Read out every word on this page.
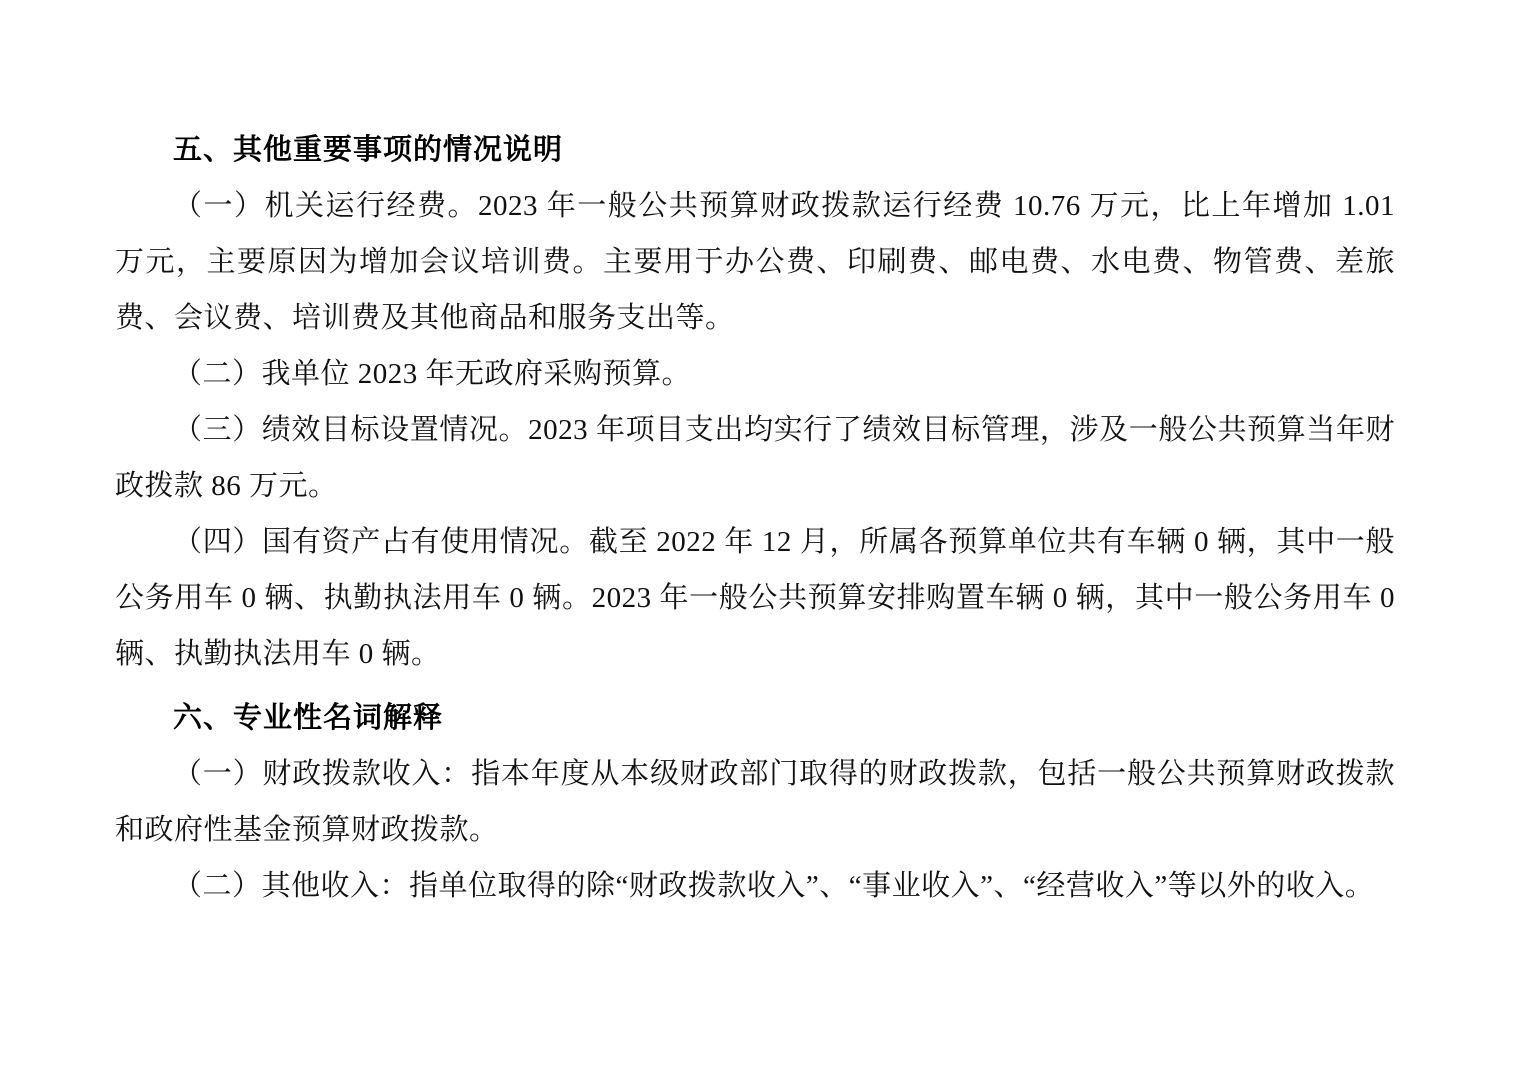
五、其他重要事项的情况说明

（一）机关运行经费。2023 年一般公共预算财政拨款运行经费 10.76 万元，比上年增加 1.01 万元，主要原因为增加会议培训费。主要用于办公费、印刷费、邮电费、水电费、物管费、差旅费、会议费、培训费及其他商品和服务支出等。

（二）我单位 2023 年无政府采购预算。

（三）绩效目标设置情况。2023 年项目支出均实行了绩效目标管理，涉及一般公共预算当年财政拨款 86 万元。

（四）国有资产占有使用情况。截至 2022 年 12 月，所属各预算单位共有车辆 0 辆，其中一般公务用车 0 辆、执勤执法用车 0 辆。2023 年一般公共预算安排购置车辆 0 辆，其中一般公务用车 0 辆、执勤执法用车 0 辆。

六、专业性名词解释

（一）财政拨款收入：指本年度从本级财政部门取得的财政拨款，包括一般公共预算财政拨款和政府性基金预算财政拨款。

（二）其他收入：指单位取得的除“财政拨款收入”、“事业收入”、“经营收入”等以外的收入。
